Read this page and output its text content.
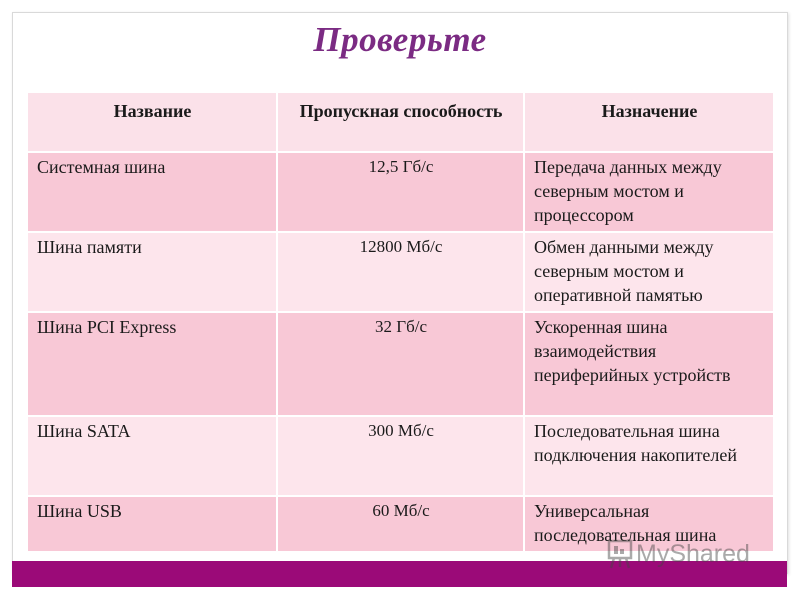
Проверьте
Название	Пропускная способность	Назначение
Системная шина	12,5 Гб/с	Передача данных между северным мостом и процессором
Шина памяти	12800 Мб/с	Обмен данными между северным мостом и оперативной памятью
Шина PCI Express	32 Гб/с	Ускоренная шина взаимодействия периферийных устройств
Шина SATA	300 Мб/с	Последовательная шина подключения накопителей
Шина USB	60 Мб/с	Универсальная последовательная шина
MyShared
